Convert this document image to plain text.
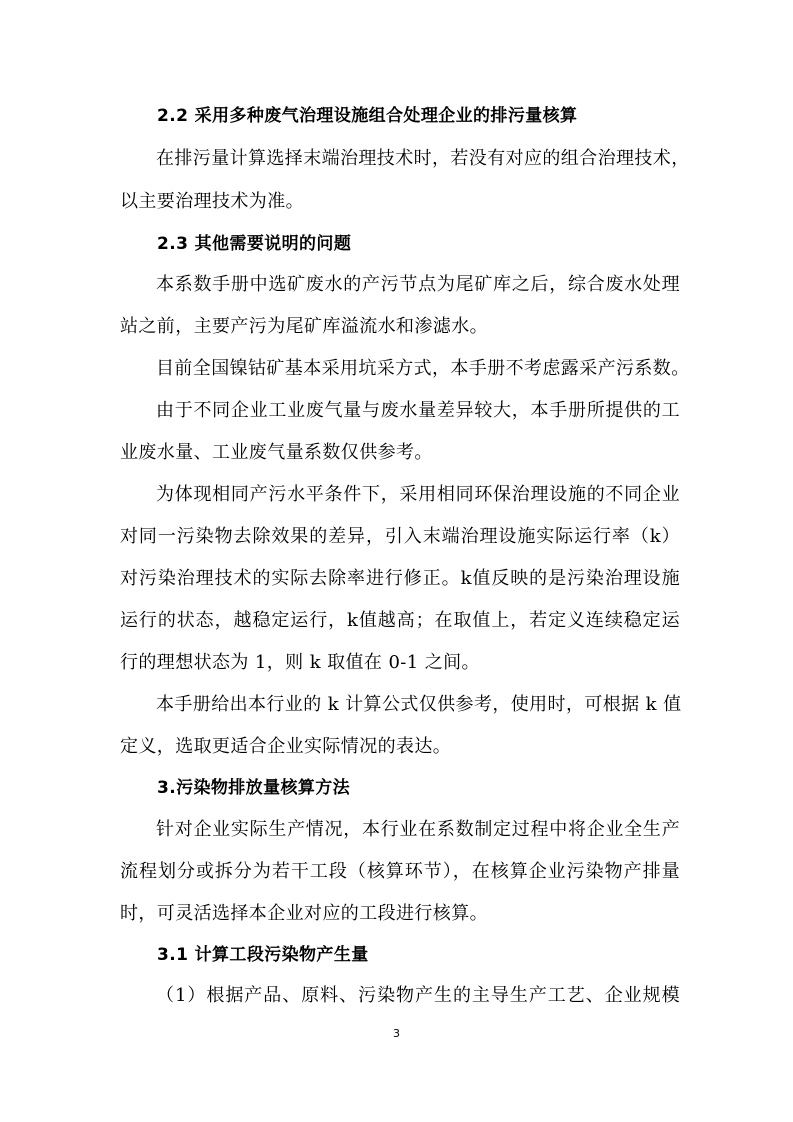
2.2 采用多种废气治理设施组合处理企业的排污量核算
在排污量计算选择末端治理技术时，若没有对应的组合治理技术，
以主要治理技术为准。
2.3 其他需要说明的问题
本系数手册中选矿废水的产污节点为尾矿库之后，综合废水处理
站之前，主要产污为尾矿库溢流水和渗滤水。
目前全国镍钴矿基本采用坑采方式，本手册不考虑露采产污系数。
由于不同企业工业废气量与废水量差异较大，本手册所提供的工
业废水量、工业废气量系数仅供参考。
为体现相同产污水平条件下，采用相同环保治理设施的不同企业
对同一污染物去除效果的差异，引入末端治理设施实际运行率（k）
对污染治理技术的实际去除率进行修正。k值反映的是污染治理设施
运行的状态，越稳定运行，k值越高；在取值上，若定义连续稳定运
行的理想状态为 1，则 k 取值在 0-1 之间。
本手册给出本行业的 k 计算公式仅供参考，使用时，可根据 k 值
定义，选取更适合企业实际情况的表达。
3.污染物排放量核算方法
针对企业实际生产情况，本行业在系数制定过程中将企业全生产
流程划分或拆分为若干工段（核算环节），在核算企业污染物产排量
时，可灵活选择本企业对应的工段进行核算。
3.1 计算工段污染物产生量
（1）根据产品、原料、污染物产生的主导生产工艺、企业规模
3
